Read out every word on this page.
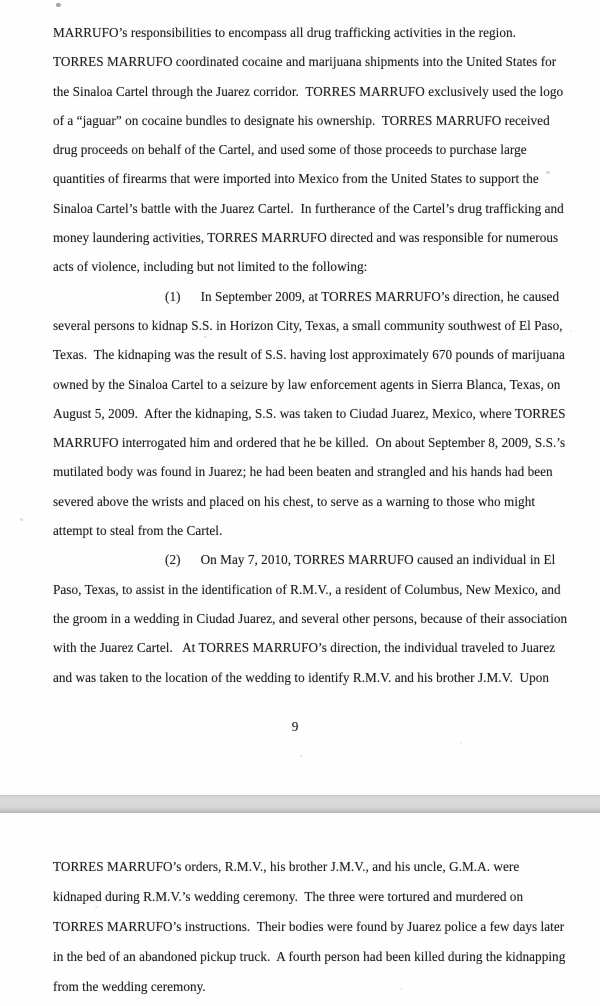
MARRUFO’s responsibilities to encompass all drug trafficking activities in the region.
TORRES MARRUFO coordinated cocaine and marijuana shipments into the United States for
the Sinaloa Cartel through the Juarez corridor.  TORRES MARRUFO exclusively used the logo
of a “jaguar” on cocaine bundles to designate his ownership.  TORRES MARRUFO received
drug proceeds on behalf of the Cartel, and used some of those proceeds to purchase large
quantities of firearms that were imported into Mexico from the United States to support the
Sinaloa Cartel’s battle with the Juarez Cartel.  In furtherance of the Cartel’s drug trafficking and
money laundering activities, TORRES MARRUFO directed and was responsible for numerous
acts of violence, including but not limited to the following:
(1)      In September 2009, at TORRES MARRUFO’s direction, he caused
several persons to kidnap S.S. in Horizon City, Texas, a small community southwest of El Paso,
Texas.  The kidnaping was the result of S.S. having lost approximately 670 pounds of marijuana
owned by the Sinaloa Cartel to a seizure by law enforcement agents in Sierra Blanca, Texas, on
August 5, 2009.  After the kidnaping, S.S. was taken to Ciudad Juarez, Mexico, where TORRES
MARRUFO interrogated him and ordered that he be killed.  On about September 8, 2009, S.S.’s
mutilated body was found in Juarez; he had been beaten and strangled and his hands had been
severed above the wrists and placed on his chest, to serve as a warning to those who might
attempt to steal from the Cartel.
(2)      On May 7, 2010, TORRES MARRUFO caused an individual in El
Paso, Texas, to assist in the identification of R.M.V., a resident of Columbus, New Mexico, and
the groom in a wedding in Ciudad Juarez, and several other persons, because of their association
with the Juarez Cartel.   At TORRES MARRUFO’s direction, the individual traveled to Juarez
and was taken to the location of the wedding to identify R.M.V. and his brother J.M.V.  Upon
9
TORRES MARRUFO’s orders, R.M.V., his brother J.M.V., and his uncle, G.M.A. were
kidnaped during R.M.V.’s wedding ceremony.  The three were tortured and murdered on
TORRES MARRUFO’s instructions.  Their bodies were found by Juarez police a few days later
in the bed of an abandoned pickup truck.  A fourth person had been killed during the kidnapping
from the wedding ceremony.
